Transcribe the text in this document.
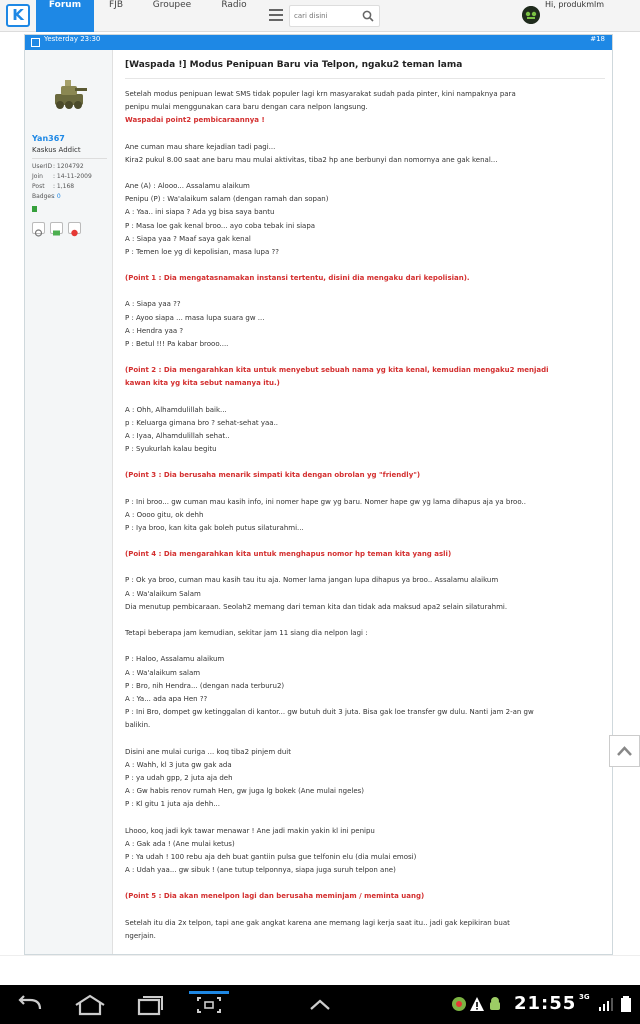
K
Forum	FJB	Groupee	Radio
cari disini	Hi, produkmlm
Yesterday 23:30	#18
Yan367
Kaskus Addict
UserID: 1204792
Join : 14-11-2009
Post : 1,168
Badges: 0
[Waspada !] Modus Penipuan Baru via Telpon, ngaku2 teman lama

Setelah modus penipuan lewat SMS tidak populer lagi krn masyarakat sudah pada pinter, kini nampaknya para
penipu mulai menggunakan cara baru dengan cara nelpon langsung.

Waspadai point2 pembicaraannya !

Ane cuman mau share kejadian tadi pagi...
Kira2 pukul 8.00 saat ane baru mau mulai aktivitas, tiba2 hp ane berbunyi dan nomornya ane gak kenal...

Ane (A) : Alooo... Assalamu alaikum
Penipu (P) : Wa'alaikum salam (dengan ramah dan sopan)
A : Yaa.. ini siapa ? Ada yg bisa saya bantu
P : Masa loe gak kenal broo... ayo coba tebak ini siapa
A : Siapa yaa ? Maaf saya gak kenal
P : Temen loe yg di kepolisian, masa lupa ??

(Point 1 : Dia mengatasnamakan instansi tertentu, disini dia mengaku dari kepolisian).

A : Siapa yaa ??
P : Ayoo siapa ... masa lupa suara gw ...
A : Hendra yaa ?
P : Betul !!! Pa kabar brooo....

(Point 2 : Dia mengarahkan kita untuk menyebut sebuah nama yg kita kenal, kemudian mengaku2 menjadi
kawan kita yg kita sebut namanya itu.)

A : Ohh, Alhamdulillah baik...
p : Keluarga gimana bro ? sehat-sehat yaa..
A : Iyaa, Alhamdulillah sehat..
P : Syukurlah kalau begitu

(Point 3 : Dia berusaha menarik simpati kita dengan obrolan yg "friendly")

P : Ini broo... gw cuman mau kasih info, ini nomer hape gw yg baru. Nomer hape gw yg lama dihapus aja ya broo..
A : Oooo gitu, ok dehh
P : Iya broo, kan kita gak boleh putus silaturahmi...

(Point 4 : Dia mengarahkan kita untuk menghapus nomor hp teman kita yang asli)

P : Ok ya broo, cuman mau kasih tau itu aja. Nomer lama jangan lupa dihapus ya broo.. Assalamu alaikum
A : Wa'alaikum Salam
Dia menutup pembicaraan. Seolah2 memang dari teman kita dan tidak ada maksud apa2 selain silaturahmi.

Tetapi beberapa jam kemudian, sekitar jam 11 siang dia nelpon lagi :

P : Haloo, Assalamu alaikum
A : Wa'alaikum salam
P : Bro, nih Hendra... (dengan nada terburu2)
A : Ya... ada apa Hen ??
P : Ini Bro, dompet gw ketinggalan di kantor... gw butuh duit 3 juta. Bisa gak loe transfer gw dulu. Nanti jam 2-an gw
balikin.

Disini ane mulai curiga ... koq tiba2 pinjem duit
A : Wahh, kl 3 juta gw gak ada
P : ya udah gpp, 2 juta aja deh
A : Gw habis renov rumah Hen, gw juga lg bokek (Ane mulai ngeles)
P : Kl gitu 1 juta aja dehh...

Lhooo, koq jadi kyk tawar menawar ! Ane jadi makin yakin kl ini penipu
A : Gak ada ! (Ane mulai ketus)
P : Ya udah ! 100 rebu aja deh buat gantiin pulsa gue telfonin elu (dia mulai emosi)
A : Udah yaa... gw sibuk ! (ane tutup telponnya, siapa juga suruh telpon ane)

(Point 5 : Dia akan menelpon lagi dan berusaha meminjam / meminta uang)

Setelah itu dia 2x telpon, tapi ane gak angkat karena ane memang lagi kerja saat itu.. jadi gak kepikiran buat
ngerjain.

21:55 3G
